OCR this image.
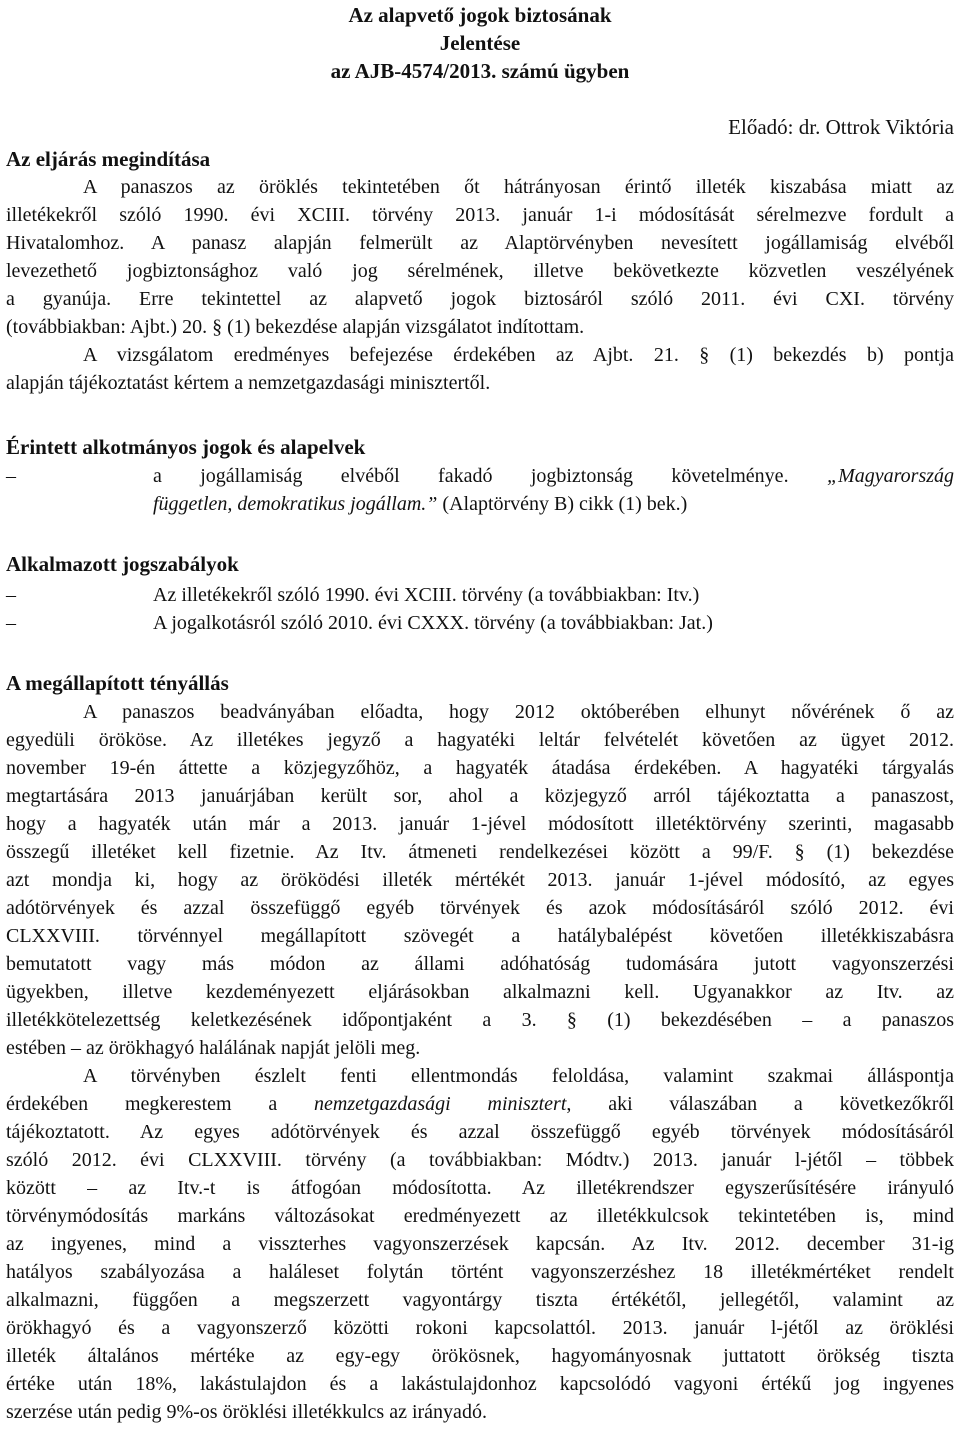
Az alapvető jogok biztosának
Jelentése
az AJB-4574/2013. számú ügyben
Előadó: dr. Ottrok Viktória
Az eljárás megindítása
A panaszos az öröklés tekintetében őt hátrányosan érintő illeték kiszabása miatt az
illetékekről szóló 1990. évi XCIII. törvény 2013. január 1-i módosítását sérelmezve fordult a
Hivatalomhoz. A panasz alapján felmerült az Alaptörvényben nevesített jogállamiság elvéből
levezethető jogbiztonsághoz való jog sérelmének, illetve bekövetkezte közvetlen veszélyének
a gyanúja. Erre tekintettel az alapvető jogok biztosáról szóló 2011. évi CXI. törvény
(továbbiakban: Ajbt.) 20. § (1) bekezdése alapján vizsgálatot indítottam.
A vizsgálatom eredményes befejezése érdekében az Ajbt. 21. § (1) bekezdés b) pontja
alapján tájékoztatást kértem a nemzetgazdasági minisztertől.
Érintett alkotmányos jogok és alapelvek
–	a jogállamiság elvéből fakadó jogbiztonság követelménye. „Magyarország
független, demokratikus jogállam.” (Alaptörvény B) cikk (1) bek.)
Alkalmazott jogszabályok
–	Az illetékekről szóló 1990. évi XCIII. törvény (a továbbiakban: Itv.)
–	A jogalkotásról szóló 2010. évi CXXX. törvény (a továbbiakban: Jat.)
A megállapított tényállás
A panaszos beadványában előadta, hogy 2012 októberében elhunyt nővérének ő az
egyedüli örököse. Az illetékes jegyző a hagyatéki leltár felvételét követően az ügyet 2012.
november 19-én áttette a közjegyzőhöz, a hagyaték átadása érdekében. A hagyatéki tárgyalás
megtartására 2013 januárjában került sor, ahol a közjegyző arról tájékoztatta a panaszost,
hogy a hagyaték után már a 2013. január 1-jével módosított illetéktörvény szerinti, magasabb
összegű illetéket kell fizetnie. Az Itv. átmeneti rendelkezései között a 99/F. § (1) bekezdése
azt mondja ki, hogy az öröködési illeték mértékét 2013. január 1-jével módosító, az egyes
adótörvények és azzal összefüggő egyéb törvények és azok módosításáról szóló 2012. évi
CLXXVIII. törvénnyel megállapított szövegét a hatálybalépést követően illetékkiszabásra
bemutatott vagy más módon az állami adóhatóság tudomására jutott vagyonszerzési
ügyekben, illetve kezdeményezett eljárásokban alkalmazni kell. Ugyanakkor az Itv. az
illetékkötelezettség keletkezésének időpontjaként a 3. § (1) bekezdésében – a panaszos
estében – az örökhagyó halálának napját jelöli meg.
A törvényben észlelt fenti ellentmondás feloldása, valamint szakmai álláspontja
érdekében megkerestem a nemzetgazdasági minisztert, aki válaszában a következőkről
tájékoztatott. Az egyes adótörvények és azzal összefüggő egyéb törvények módosításáról
szóló 2012. évi CLXXVIII. törvény (a továbbiakban: Módtv.) 2013. január l-jétől – többek
között – az Itv.-t is átfogóan módosította. Az illetékrendszer egyszerűsítésére irányuló
törvénymódosítás markáns változásokat eredményezett az illetékkulcsok tekintetében is, mind
az ingyenes, mind a visszterhes vagyonszerzések kapcsán. Az Itv. 2012. december 31-ig
hatályos szabályozása a haláleset folytán történt vagyonszerzéshez 18 illetékmértéket rendelt
alkalmazni, függően a megszerzett vagyontárgy tiszta értékétől, jellegétől, valamint az
örökhagyó és a vagyonszerző közötti rokoni kapcsolattól. 2013. január l-jétől az öröklési
illeték általános mértéke az egy-egy örökösnek, hagyományosnak juttatott örökség tiszta
értéke után 18%, lakástulajdon és a lakástulajdonhoz kapcsolódó vagyoni értékű jog ingyenes
szerzése után pedig 9%-os öröklési illetékkulcs az irányadó.
